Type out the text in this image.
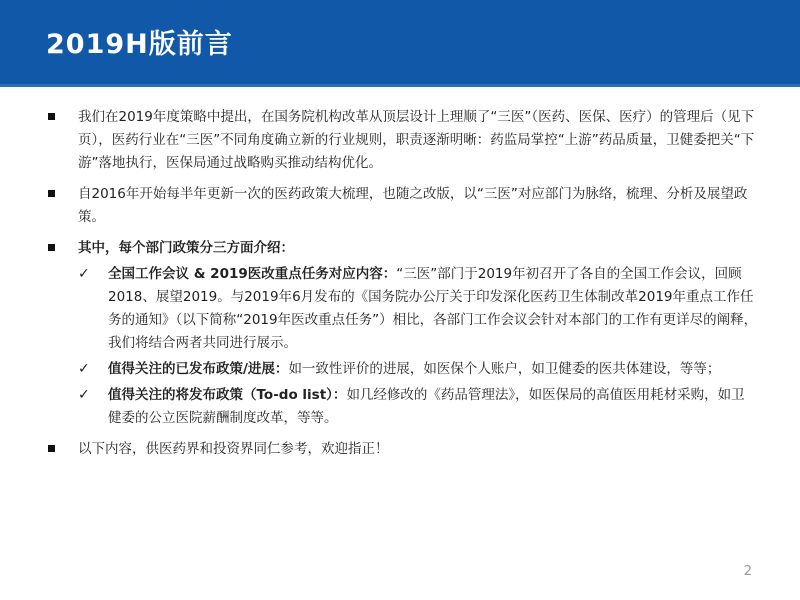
2019H版前言
我们在2019年度策略中提出，在国务院机构改革从顶层设计上理顺了“三医”（医药、医保、医疗）的管理后（见下页），医药行业在“三医”不同角度确立新的行业规则，职责逐渐明晰：药监局掌控“上游”药品质量，卫健委把关“下游”落地执行，医保局通过战略购买推动结构优化。
自2016年开始每半年更新一次的医药政策大梳理，也随之改版，以“三医”对应部门为脉络，梳理、分析及展望政策。
其中，每个部门政策分三方面介绍：
✓ 全国工作会议 & 2019医改重点任务对应内容：“三医”部门于2019年初召开了各自的全国工作会议，回顾2018、展望2019。与2019年6月发布的《国务院办公厅关于印发深化医药卫生体制改革2019年重点工作任务的通知》（以下简称“2019年医改重点任务”）相比，各部门工作会议会针对本部门的工作有更详尽的阐释，我们将结合两者共同进行展示。
✓ 值得关注的已发布政策/进展：如一致性评价的进展，如医保个人账户，如卫健委的医共体建设，等等；
✓ 值得关注的将发布政策（To-do list）：如几经修改的《药品管理法》，如医保局的高值医用耗材采购，如卫健委的公立医院薪酬制度改革，等等。
以下内容，供医药界和投资界同仁参考，欢迎指正！
2
